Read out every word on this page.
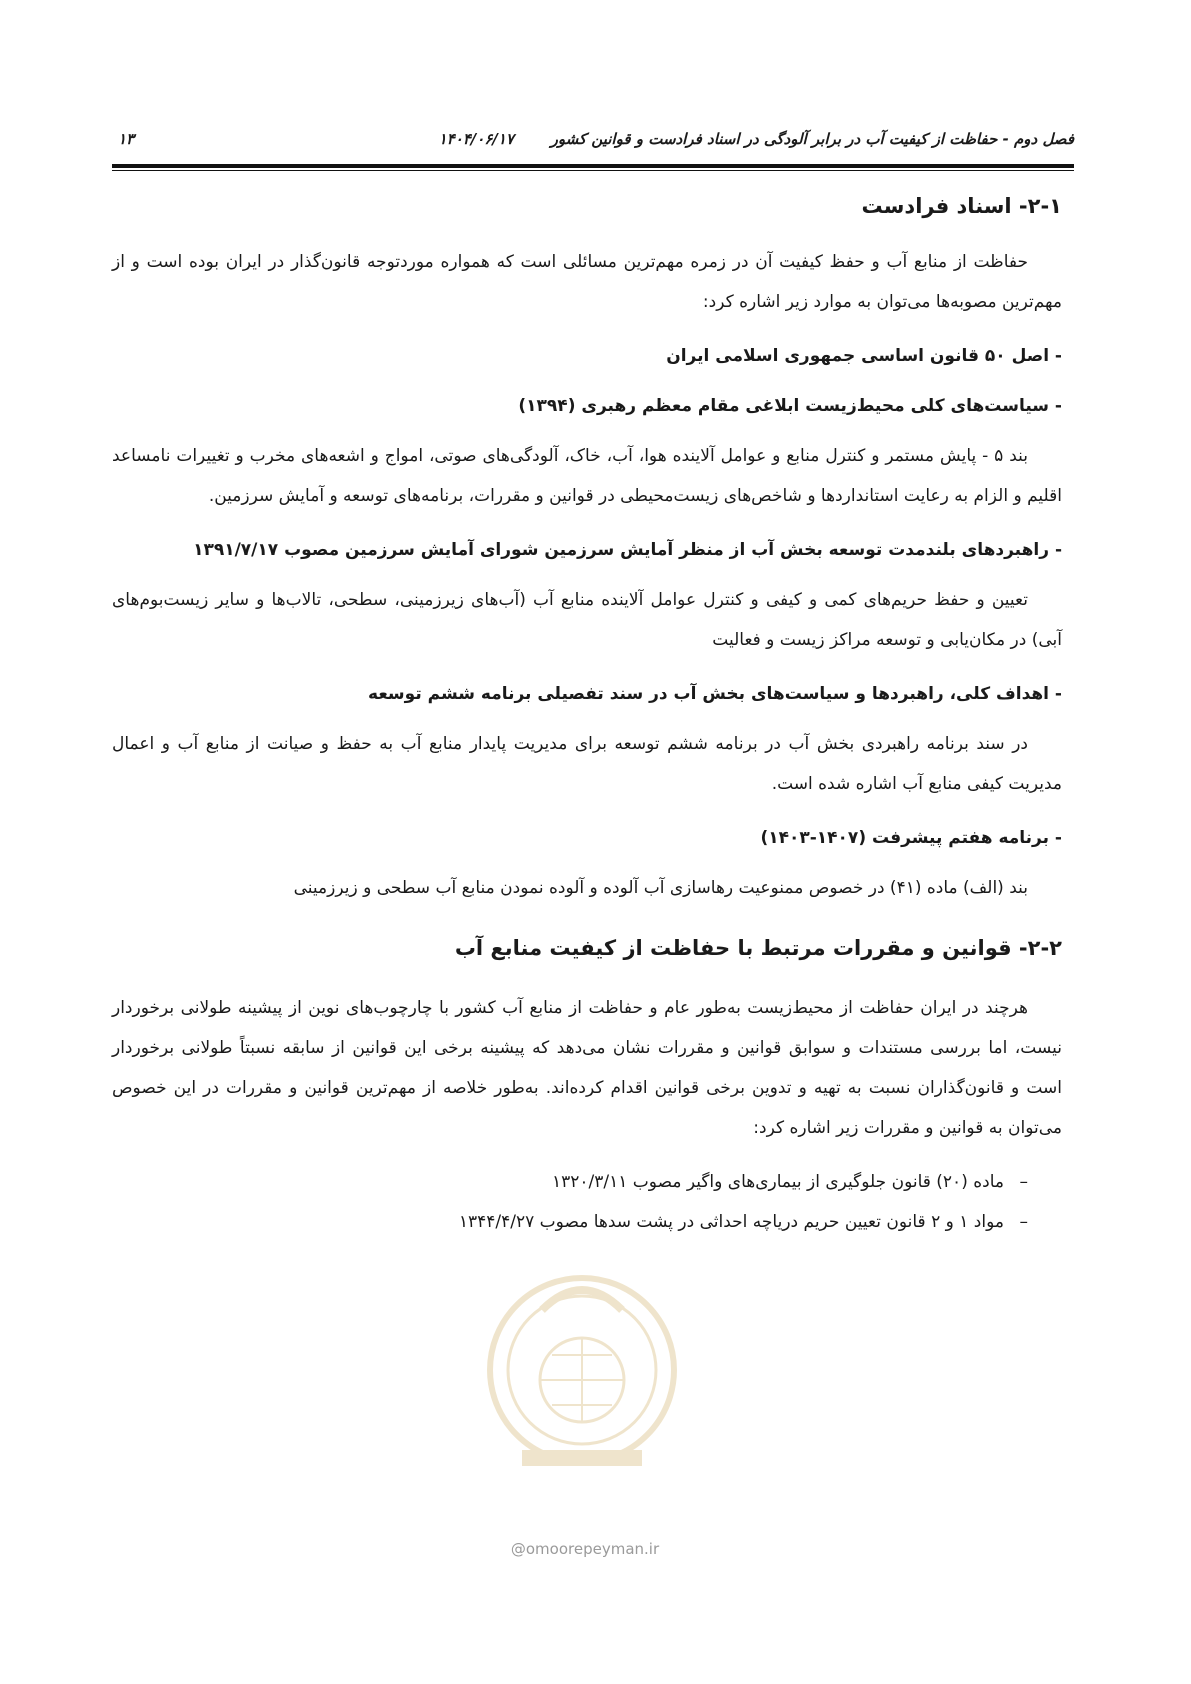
فصل دوم - حفاظت از کیفیت آب در برابر آلودگی در اسناد فرادست و قوانین کشور
۱۴۰۴/۰۶/۱۷
۱۳
۲-۱- اسناد فرادست

حفاظت از منابع آب و حفظ کیفیت آن در زمره مهم‌ترین مسائلی است که همواره موردتوجه قانون‌گذار در ایران بوده است و از مهم‌ترین مصوبه‌ها می‌توان به موارد زیر اشاره کرد:

- اصل ۵۰ قانون اساسی جمهوری اسلامی ایران
- سیاست‌های کلی محیط‌زیست ابلاغی مقام معظم رهبری (۱۳۹۴)

بند ۵ - پایش مستمر و کنترل منابع و عوامل آلاینده هوا، آب، خاک، آلودگی‌های صوتی، امواج و اشعه‌های مخرب و تغییرات نامساعد اقلیم و الزام به رعایت استانداردها و شاخص‌های زیست‌محیطی در قوانین و مقررات، برنامه‌های توسعه و آمایش سرزمین.

- راهبردهای بلندمدت توسعه بخش آب از منظر آمایش سرزمین شورای آمایش سرزمین مصوب ۱۳۹۱/۷/۱۷

تعیین و حفظ حریم‌های کمی و کیفی و کنترل عوامل آلاینده منابع آب (آب‌های زیرزمینی، سطحی، تالاب‌ها و سایر زیست‌بوم‌های آبی) در مکان‌یابی و توسعه مراکز زیست و فعالیت

- اهداف کلی، راهبردها و سیاست‌های بخش آب در سند تفصیلی برنامه ششم توسعه

در سند برنامه راهبردی بخش آب در برنامه ششم توسعه برای مدیریت پایدار منابع آب به حفظ و صیانت از منابع آب و اعمال مدیریت کیفی منابع آب اشاره شده است.

- برنامه هفتم پیشرفت (۱۴۰۷-۱۴۰۳)

بند (الف) ماده (۴۱) در خصوص ممنوعیت رهاسازی آب آلوده و آلوده نمودن منابع آب سطحی و زیرزمینی

۲-۲- قوانین و مقررات مرتبط با حفاظت از کیفیت منابع آب

هرچند در ایران حفاظت از محیط‌زیست به‌طور عام و حفاظت از منابع آب کشور با چارچوب‌های نوین از پیشینه طولانی برخوردار نیست، اما بررسی مستندات و سوابق قوانین و مقررات نشان می‌دهد که پیشینه برخی این قوانین از سابقه نسبتاً طولانی برخوردار است و قانون‌گذاران نسبت به تهیه و تدوین برخی قوانین اقدام کرده‌اند. به‌طور خلاصه از مهم‌ترین قوانین و مقررات در این خصوص می‌توان به قوانین و مقررات زیر اشاره کرد:

– ماده (۲۰) قانون جلوگیری از بیماری‌های واگیر مصوب ۱۳۲۰/۳/۱۱
– مواد ۱ و ۲ قانون تعیین حریم دریاچه احداثی در پشت سدها مصوب ۱۳۴۴/۴/۲۷
@omoorepeyman.ir
